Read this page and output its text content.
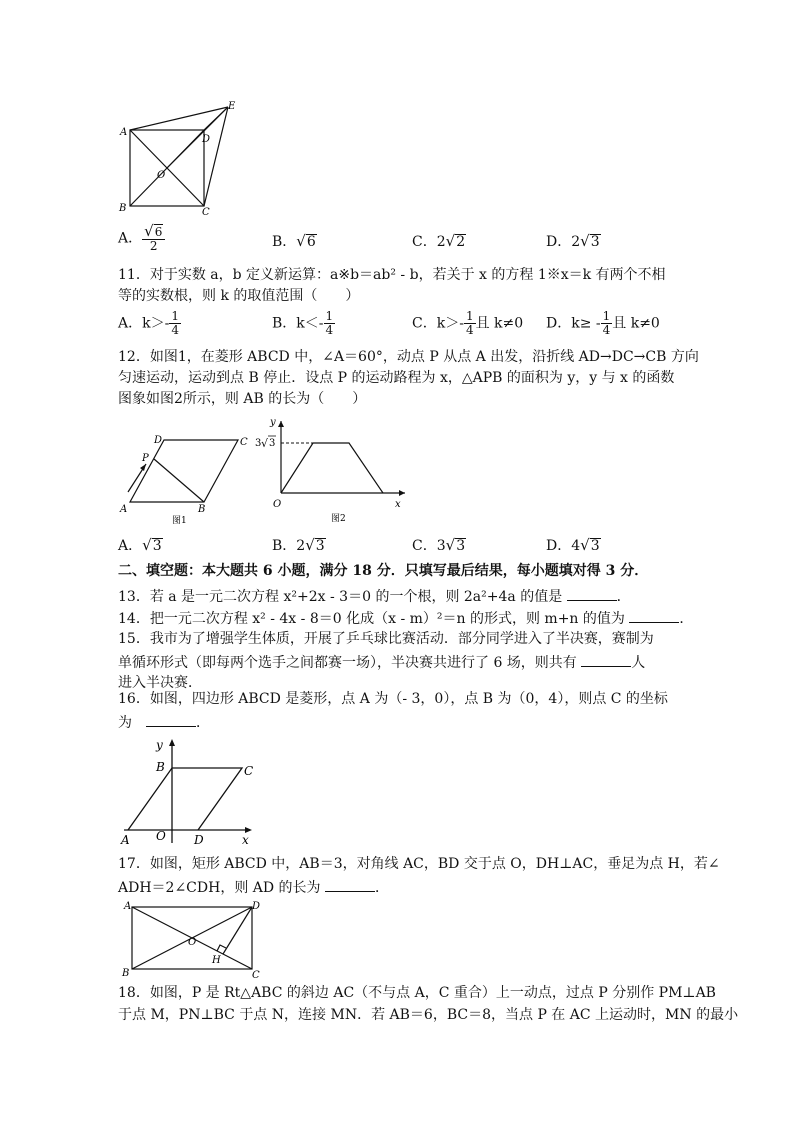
A
E
D
O
B	C
A． $\frac{√6}{2}$	B．√6	C．2√2	D．2√3
11．对于实数 a，b 定义新运算：a※b＝ab² - b，若关于 x 的方程 1※x＝k 有两个不相
等的实数根，则 k 的取值范围（　　）
A．$k>- \frac{1}{4}$	B．$k<- \frac{1}{4}$	C．$k>- \frac{1}{4}$ 且 k≠0 D．$k\ge - \frac{1}{4}$ 且 k≠0
12．如图1，在菱形 ABCD 中，∠A＝60°，动点 P 从点 A 出发，沿折线 AD→DC→CB 方向
匀速运动，运动到点 B 停止．设点 P 的运动路程为 x，△APB 的面积为 y，y 与 x 的函数
图象如图2所示，则 AB 的长为（　　）
D	C
P
A	B
图1
y
3 √ 3
O	x
图2
A．√3	B．2√3	C．3√3	D．4√3
二、填空题：本大题共 6 小题，满分 18 分．只填写最后结果，每小题填对得 3 分．
13．若 a 是一元二次方程 x²+2x - 3＝0 的一个根，则 2a²+4a 的值是	．
14．把一元二次方程 x² - 4x - 8＝0 化成（x - m）²＝n 的形式，则 m+n 的值为	．
15．我市为了增强学生体质，开展了乒乓球比赛活动．部分同学进入了半决赛，赛制为
单循环形式（即每两个选手之间都赛一场），半决赛共进行了 6 场，则共有	人
进入半决赛．
16．如图，四边形 ABCD 是菱形，点 A 为（- 3，0），点 B 为（0，4），则点 C 的坐标
为　	．
y
B	C
A O D	x
17．如图，矩形 ABCD 中，AB＝3，对角线 AC，BD 交于点 O，DH⊥AC，垂足为点 H，若∠
ADH＝2∠CDH，则 AD 的长为	．
A	D
O
H
B	C
18．如图，P 是 Rt△ABC 的斜边 AC（不与点 A，C 重合）上一动点，过点 P 分别作 PM⊥AB
于点 M，PN⊥BC 于点 N，连接 MN．若 AB＝6，BC＝8，当点 P 在 AC 上运动时，MN 的最小
